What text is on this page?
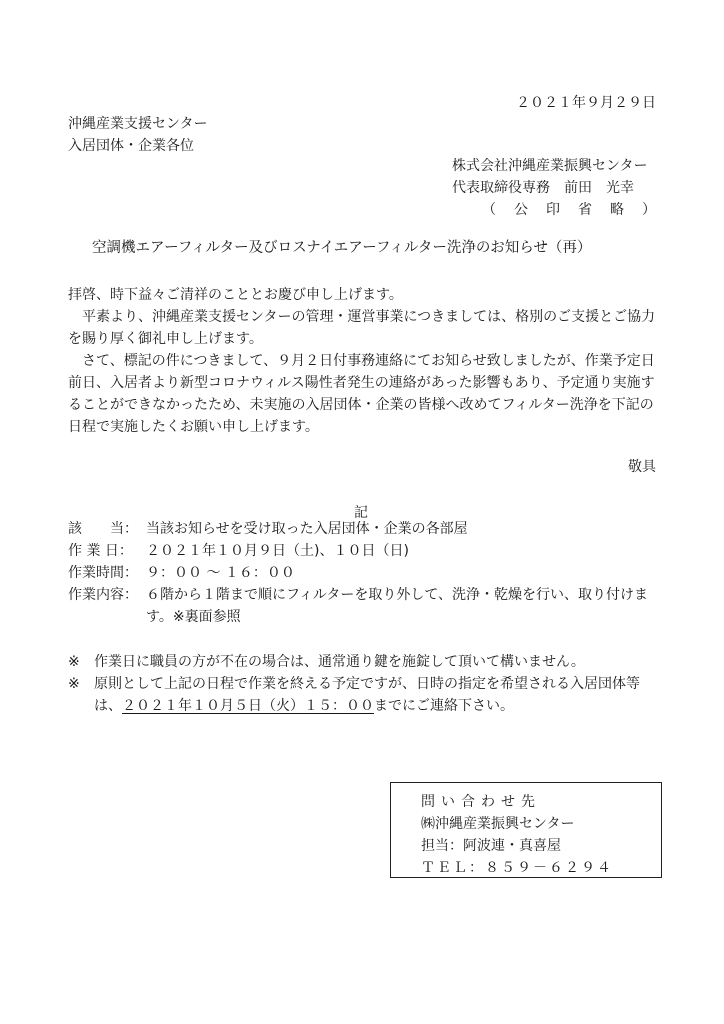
２０２１年９月２９日
沖縄産業支援センター
入居団体・企業各位
株式会社沖縄産業振興センター
代表取締役専務　前田　光幸
（　公　印　省　略　）
空調機エアーフィルター及びロスナイエアーフィルター洗浄のお知らせ（再）

拝啓、時下益々ご清祥のこととお慶び申し上げます。

平素より、沖縄産業支援センターの管理・運営事業につきましては、格別のご支援とご協力を賜り厚く御礼申し上げます。

さて、標記の件につきまして、９月２日付事務連絡にてお知らせ致しましたが、作業予定日前日、入居者より新型コロナウィルス陽性者発生の連絡があった影響もあり、予定通り実施することができなかったため、未実施の入居団体・企業の皆様へ改めてフィルター洗浄を下記の日程で実施したくお願い申し上げます。

敬具
記
該　　当： 当該お知らせを受け取った入居団体・企業の各部屋
作 業 日： ２０２１年１０月９日（土)、１０日（日)
作業時間： ９：００ ～ １６：００
作業内容： ６階から１階まで順にフィルターを取り外して、洗浄・乾燥を行い、取り付けます。※裏面参照
※	作業日に職員の方が不在の場合は、通常通り鍵を施錠して頂いて構いません。
※	原則として上記の日程で作業を終える予定ですが、日時の指定を希望される入居団体等は、２０２１年１０月５日（火）１５：００までにご連絡下さい。
問い合わせ先
㈱沖縄産業振興センター
担当：阿波連・真喜屋
ＴＥＬ：８５９－６２９４
